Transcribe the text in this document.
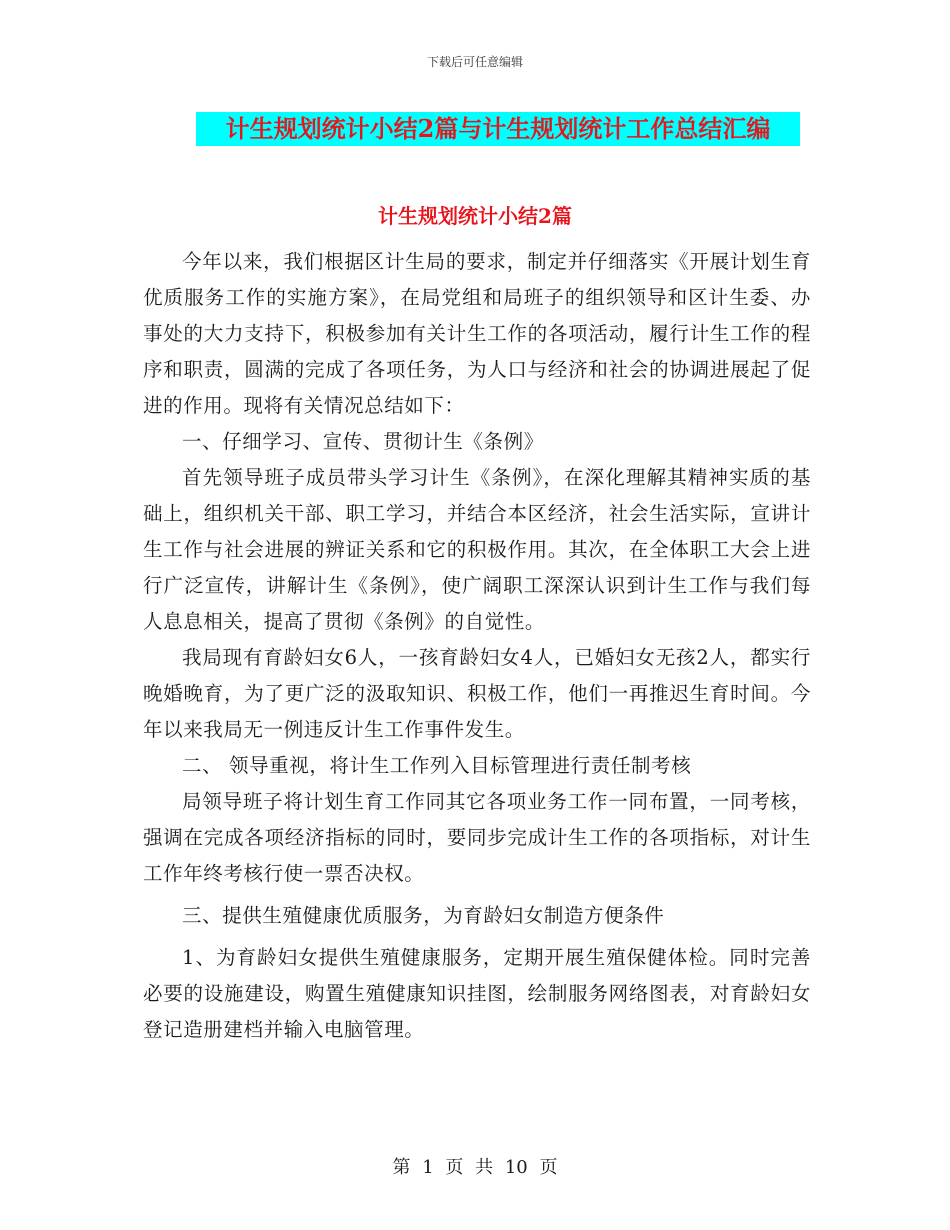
下载后可任意编辑
计生规划统计小结2篇与计生规划统计工作总结汇编
计生规划统计小结2篇

今年以来，我们根据区计生局的要求，制定并仔细落实《开展计划生育优质服务工作的实施方案》，在局党组和局班子的组织领导和区计生委、办事处的大力支持下，积极参加有关计生工作的各项活动，履行计生工作的程序和职责，圆满的完成了各项任务，为人口与经济和社会的协调进展起了促进的作用。现将有关情况总结如下：

一、仔细学习、宣传、贯彻计生《条例》

首先领导班子成员带头学习计生《条例》，在深化理解其精神实质的基础上，组织机关干部、职工学习，并结合本区经济，社会生活实际，宣讲计生工作与社会进展的辨证关系和它的积极作用。其次，在全体职工大会上进行广泛宣传，讲解计生《条例》，使广阔职工深深认识到计生工作与我们每人息息相关，提高了贯彻《条例》的自觉性。

我局现有育龄妇女6人，一孩育龄妇女4人，已婚妇女无孩2人，都实行晚婚晚育，为了更广泛的汲取知识、积极工作，他们一再推迟生育时间。今年以来我局无一例违反计生工作事件发生。

二、 领导重视，将计生工作列入目标管理进行责任制考核

局领导班子将计划生育工作同其它各项业务工作一同布置，一同考核，强调在完成各项经济指标的同时，要同步完成计生工作的各项指标，对计生工作年终考核行使一票否决权。

三、提供生殖健康优质服务，为育龄妇女制造方便条件

1、为育龄妇女提供生殖健康服务，定期开展生殖保健体检。同时完善必要的设施建设，购置生殖健康知识挂图，绘制服务网络图表，对育龄妇女登记造册建档并输入电脑管理。

第 1 页 共 10 页
